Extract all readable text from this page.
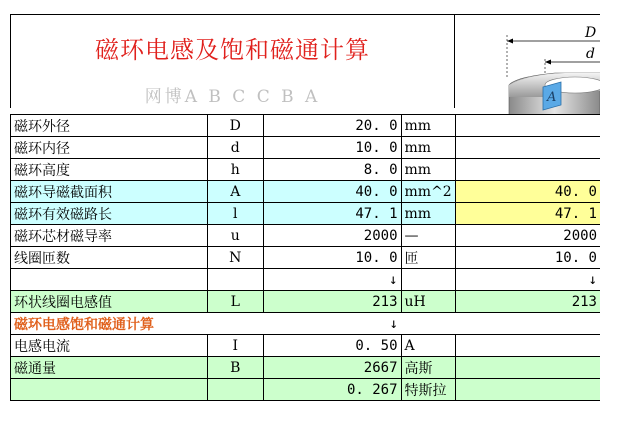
磁环电感及饱和磁通计算
网博A B C C B A
D
d
A
磁环外径	D	20. 0	mm	
磁环内径	d	10. 0	mm	
磁环高度	h	8. 0	mm	
磁环导磁截面积	A	40. 0	mm^2	40. 0
磁环有效磁路长	l	47. 1	mm	47. 1
磁环芯材磁导率	u	2000	—	2000
线圈匝数	N	10. 0	匝	10. 0
		↓		↓
环状线圈电感值	L	213	uH	213
磁环电感饱和磁通计算		↓		
电感电流	I	0. 50	A	
磁通量	B	2667	高斯	
		0. 267	特斯拉	
